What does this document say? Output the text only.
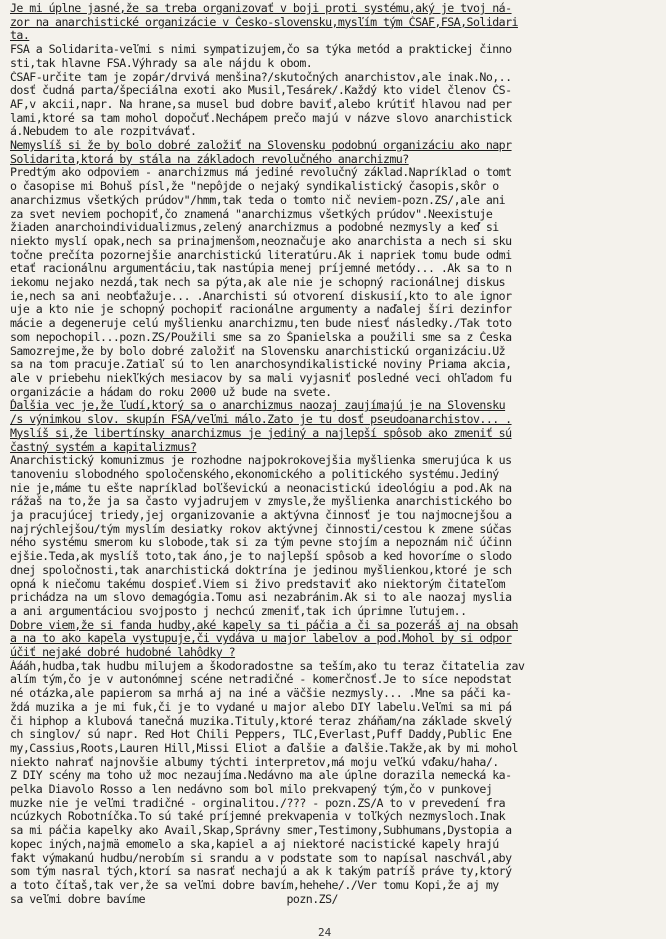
Je mi úplne jasné,že sa treba organizovať v boji proti systému,aký je tvoj ná-
zor na anarchistické organizácie v Česko-slovensku,mysľím tým ČSAF,FSA,Solidari
ta.
FSA a Solidarita-veľmi s nimi sympatizujem,čo sa týka metód a praktickej činno
sti,tak hlavne FSA.Výhrady sa ale nájdu k obom.
ČSAF-určite tam je zopár/drvivá menšina?/skutočných anarchistov,ale inak.No,..
dosť čudná parta/špeciálna exoti ako Musil,Tesárek/.Každý kto videl členov ČS-
AF,v akcii,napr. Na hrane,sa musel bud dobre baviť,alebo krútiť hlavou nad per
lami,ktoré sa tam mohol dopočuť.Nechápem prečo majú v názve slovo anarchistick
á.Nebudem to ale rozpitvávať.
Nemyslíš si že by bolo dobré založiť na Slovensku podobnú organizáciu ako napr
Solidarita,ktorá by stála na základoch revolučného anarchizmu?
Predtým ako odpoviem - anarchizmus má jediné revolučný základ.Napríklad o tomt
o časopise mi Bohuš písl,že "nepôjde o nejaký syndikalistický časopis,skôr o
anarchizmus všetkých prúdov"/hmm,tak teda o tomto nič neviem-pozn.ZS/,ale ani
za svet neviem pochopiť,čo znamená "anarchizmus všetkých prúdov".Neexistuje
žiaden anarchoindividualizmus,zelený anarchizmus a podobné nezmysly a keď si
niekto myslí opak,nech sa prinajmenšom,neoznačuje ako anarchista a nech si sku
točne prečíta pozornejšie anarchistickú literatúru.Ak i napriek tomu bude odmi
etať racionálnu argumentáciu,tak nastúpia menej príjemné metódy... .Ak sa to n
iekomu nejako nezdá,tak nech sa pýta,ak ale nie je schopný racionálnej diskus
ie,nech sa ani neobťažuje... .Anarchisti sú otvorení diskusií,kto to ale ignor
uje a kto nie je schopný pochopiť racionálne argumenty a naďalej šíri dezinfor
mácie a degeneruje celú myšlienku anarchizmu,ten bude niesť následky./Tak toto
som nepochopil...pozn.ZS/Použili sme sa zo Španielska a použili sme sa z Česka
Samozrejme,že by bolo dobré založiť na Slovensku anarchistickú organizáciu.Už
sa na tom pracuje.Zatiaľ sú to len anarchosyndikalistické noviny Priama akcia,
ale v priebehu niekľkých mesiacov by sa mali vyjasniť posledné veci ohľadom fu
organizácie a hádam do roku 2000 už bude na svete.
Ďalšia vec je,že ľudí,ktorý sa o anarchizmus naozaj zaujímajú je na Slovensku
/s výnimkou slov. skupín FSA/veľmi málo.Zato je tu dosť pseudoanarchistov... .
Myslíš si,že libertínsky anarchizmus je jediný a najlepší spôsob ako zmeniť sú
častný systém a kapitalizmus?
Anarchistický komunizmus je rozhodne najpokrokovejšia myšlienka smerujúca k us
tanoveniu slobodného spoločenského,ekonomického a politického systému.Jediný
nie je,máme tu ešte napríklad boľševickú a neonacistickú ideológiu a pod.Ak na
rážaš na to,že ja sa často vyjadrujem v zmysle,že myšlienka anarchistického bo
ja pracujúcej triedy,jej organizovanie a aktývna činnosť je tou najmocnejšou a
najrýchlejšou/tým myslím desiatky rokov aktývnej činnosti/cestou k zmene súčas
ného systému smerom ku slobode,tak si za tým pevne stojím a nepoznám nič účinn
ejšie.Teda,ak myslíš toto,tak áno,je to najlepší spôsob a ked hovoríme o slodo
dnej spoločnosti,tak anarchistická doktrína je jedinou myšlienkou,ktoré je sch
opná k niečomu takému dospieť.Viem si živo predstaviť ako niektorým čitateľom
prichádza na um slovo demagógia.Tomu asi nezabránim.Ak si to ale naozaj myslia
a ani argumentáciou svojposto j nechcú zmeniť,tak ich úprimne ľutujem..
Dobre viem,že si fanda hudby,aké kapely sa ti páčia a či sa pozeráš aj na obsah
a na to ako kapela vystupuje,či vydáva u major labelov a pod.Mohol by si odpor
účiť nejaké dobré hudobné lahôdky ?
Áááh,hudba,tak hudbu milujem a škodoradostne sa teším,ako tu teraz čitatelia zav
alím tým,čo je v autonómnej scéne netradičné - komerčnosť.Je to síce nepodstat
né otázka,ale papierom sa mrhá aj na iné a väčšie nezmysly... .Mne sa páči ka-
ždá muzika a je mi fuk,či je to vydané u major alebo DIY labelu.Veľmi sa mi pá
či hiphop a klubová tanečná muzika.Tituly,ktoré teraz zháňam/na základe skvelý
ch singlov/ sú napr. Red Hot Chili Peppers, TLC,Everlast,Puff Daddy,Public Ene
my,Cassius,Roots,Lauren Hill,Missi Eliot a ďalšie a ďalšie.Takže,ak by mi mohol
niekto nahrať najnovšie albumy týchti interpretov,má moju veľkú vďaku/haha/.
Z DIY scény ma toho už moc nezaujíma.Nedávno ma ale úplne dorazila nemecká ka-
pelka Diavolo Rosso a len nedávno som bol milo prekvapený tým,čo v punkovej
muzke nie je veľmi tradičné - orginalitou./??? - pozn.ZS/A to v prevedení fra
ncúzkych Robotníčka.To sú také príjemné prekvapenia v toľkých nezmysloch.Inak
sa mi páčia kapelky ako Avail,Skap,Správny smer,Testimony,Subhumans,Dystopia a
kopec iných,najmä emomelo a ska,kapiel a aj niektoré nacistické kapely hrajú
fakt výmakanú hudbu/nerobím si srandu a v podstate som to napísal naschvál,aby
som tým nasral tých,ktorí sa nasrať nechajú a ak k takým patríš práve ty,ktorý
a toto čítaš,tak ver,že sa veľmi dobre bavím,hehehe/./Ver tomu Kopi,že aj my
sa veľmi dobre bavíme                      pozn.ZS/
24
